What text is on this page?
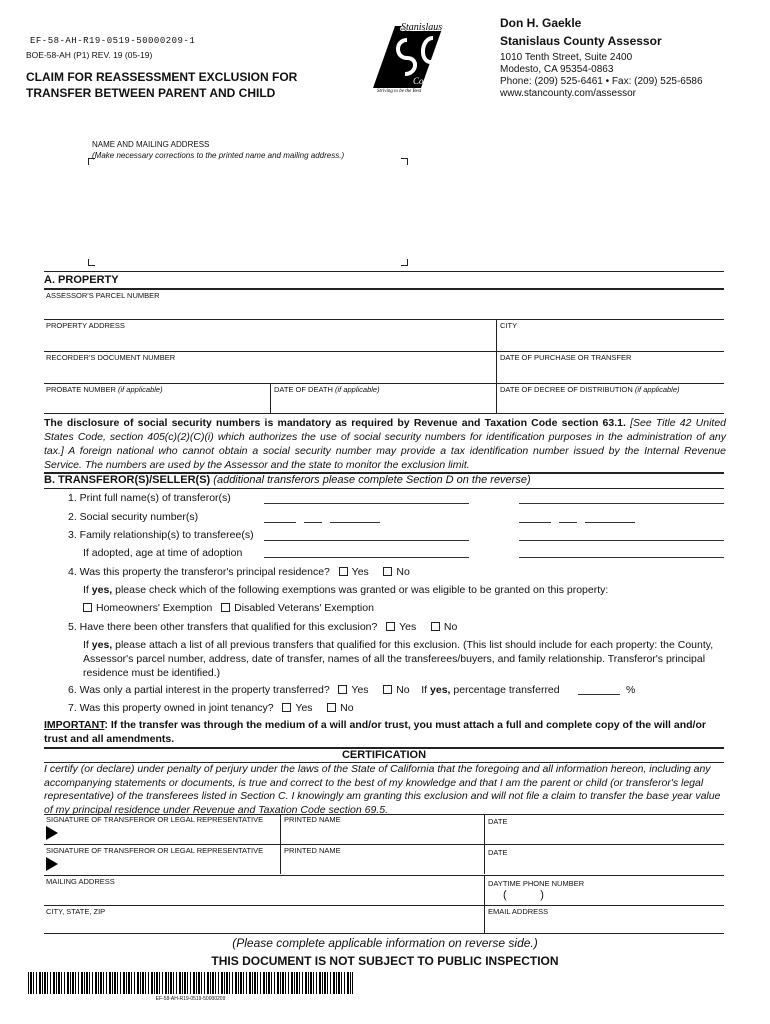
EF-58-AH-R19-0519-50000209-1
BOE-58-AH (P1) REV. 19 (05-19)
CLAIM FOR REASSESSMENT EXCLUSION FOR
TRANSFER BETWEEN PARENT AND CHILD
Stanislaus
County
Striving to be the Best
Don H. Gaekle
Stanislaus County Assessor
1010 Tenth Street, Suite 2400
Modesto, CA 95354-0863
Phone: (209) 525-6461 • Fax: (209) 525-6586
www.stancounty.com/assessor
NAME AND MAILING ADDRESS
(Make necessary corrections to the printed name and mailing address.)
A. PROPERTY
ASSESSOR'S PARCEL NUMBER
PROPERTY ADDRESS	CITY
RECORDER'S DOCUMENT NUMBER	DATE OF PURCHASE OR TRANSFER
PROBATE NUMBER (if applicable)	DATE OF DEATH (if applicable)	DATE OF DECREE OF DISTRIBUTION (if applicable)
The disclosure of social security numbers is mandatory as required by Revenue and Taxation Code section 63.1. [See Title 42 United States Code, section 405(c)(2)(C)(i) which authorizes the use of social security numbers for identification purposes in the administration of any tax.] A foreign national who cannot obtain a social security number may provide a tax identification number issued by the Internal Revenue Service. The numbers are used by the Assessor and the state to monitor the exclusion limit.
B. TRANSFEROR(S)/SELLER(S) (additional transferors please complete Section D on the reverse)
1. Print full name(s) of transferor(s)
2. Social security number(s)
3. Family relationship(s) to transferee(s)
If adopted, age at time of adoption
4. Was this property the transferor's principal residence? Yes	No
If yes, please check which of the following exemptions was granted or was eligible to be granted on this property:
Homeowners' Exemption Disabled Veterans' Exemption
5. Have there been other transfers that qualified for this exclusion? Yes	No
If yes, please attach a list of all previous transfers that qualified for this exclusion. (This list should include for each property: the County, Assessor's parcel number, address, date of transfer, names of all the transferees/buyers, and family relationship. Transferor's principal residence must be identified.)
6. Was only a partial interest in the property transferred? Yes	No If yes, percentage transferred	%
7. Was this property owned in joint tenancy? Yes	No
IMPORTANT: If the transfer was through the medium of a will and/or trust, you must attach a full and complete copy of the will and/or trust and all amendments.
CERTIFICATION
I certify (or declare) under penalty of perjury under the laws of the State of California that the foregoing and all information hereon, including any accompanying statements or documents, is true and correct to the best of my knowledge and that I am the parent or child (or transferor's legal representative) of the transferees listed in Section C. I knowingly am granting this exclusion and will not file a claim to transfer the base year value of my principal residence under Revenue and Taxation Code section 69.5.
SIGNATURE OF TRANSFEROR OR LEGAL REPRESENTATIVE	PRINTED NAME	DATE
SIGNATURE OF TRANSFEROR OR LEGAL REPRESENTATIVE	PRINTED NAME	DATE
MAILING ADDRESS	DAYTIME PHONE NUMBER
(           )
CITY, STATE, ZIP	EMAIL ADDRESS
(Please complete applicable information on reverse side.)
THIS DOCUMENT IS NOT SUBJECT TO PUBLIC INSPECTION
EF-58-AH-R19-0519-50000209
